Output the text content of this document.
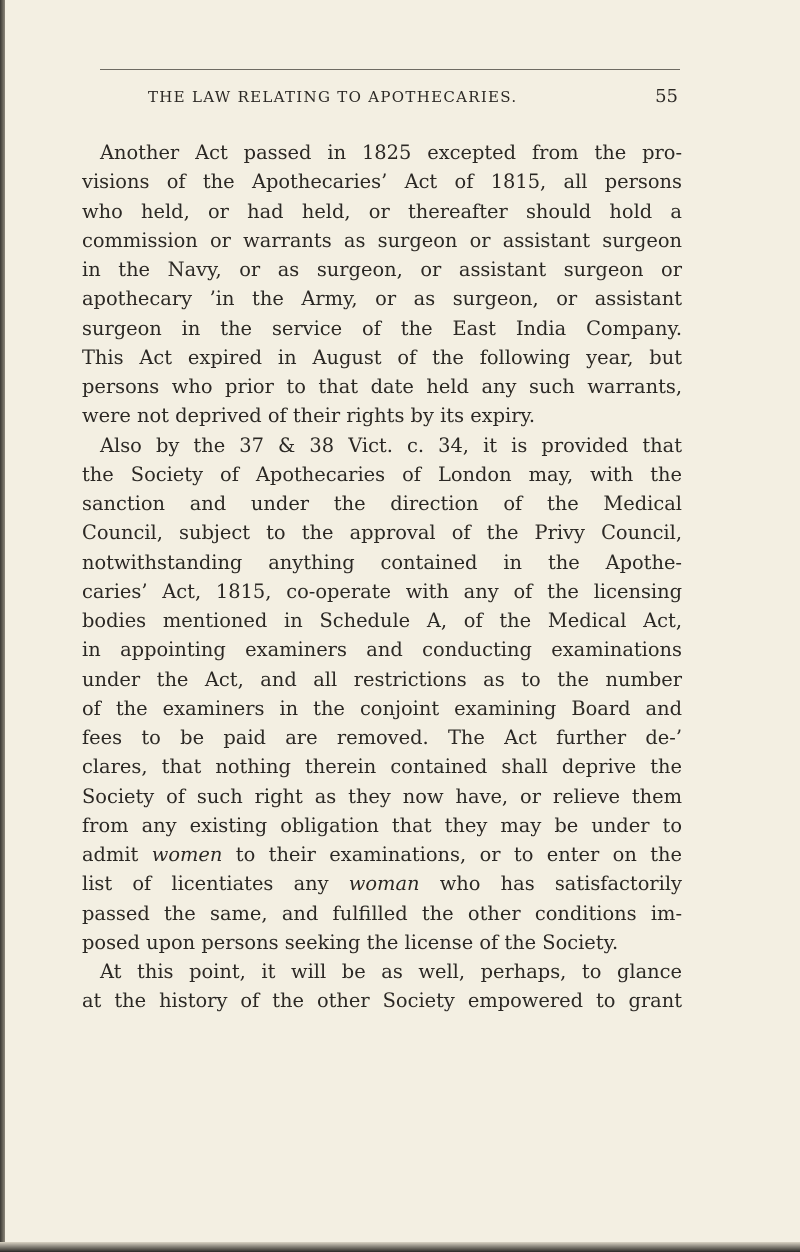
THE LAW RELATING TO APOTHECARIES.	55
Another Act passed in 1825 excepted from the pro-
visions of the Apothecaries’ Act of 1815, all persons
who held, or had held, or thereafter should hold a
commission or warrants as surgeon or assistant surgeon
in the Navy, or as surgeon, or assistant surgeon or
apothecary ’in the Army, or as surgeon, or assistant
surgeon in the service of the East India Company.
This Act expired in August of the following year, but
persons who prior to that date held any such warrants,
were not deprived of their rights by its expiry.
Also by the 37 & 38 Vict. c. 34, it is provided that
the Society of Apothecaries of London may, with the
sanction and under the direction of the Medical
Council, subject to the approval of the Privy Council,
notwithstanding anything contained in the Apothe-
caries’ Act, 1815, co-operate with any of the licensing
bodies mentioned in Schedule A, of the Medical Act,
in appointing examiners and conducting examinations
under the Act, and all restrictions as to the number
of the examiners in the conjoint examining Board and
fees to be paid are removed. The Act further de-’
clares, that nothing therein contained shall deprive the
Society of such right as they now have, or relieve them
from any existing obligation that they may be under to
admit women to their examinations, or to enter on the
list of licentiates any woman who has satisfactorily
passed the same, and fulfilled the other conditions im-
posed upon persons seeking the license of the Society.
At this point, it will be as well, perhaps, to glance
at the history of the other Society empowered to grant
